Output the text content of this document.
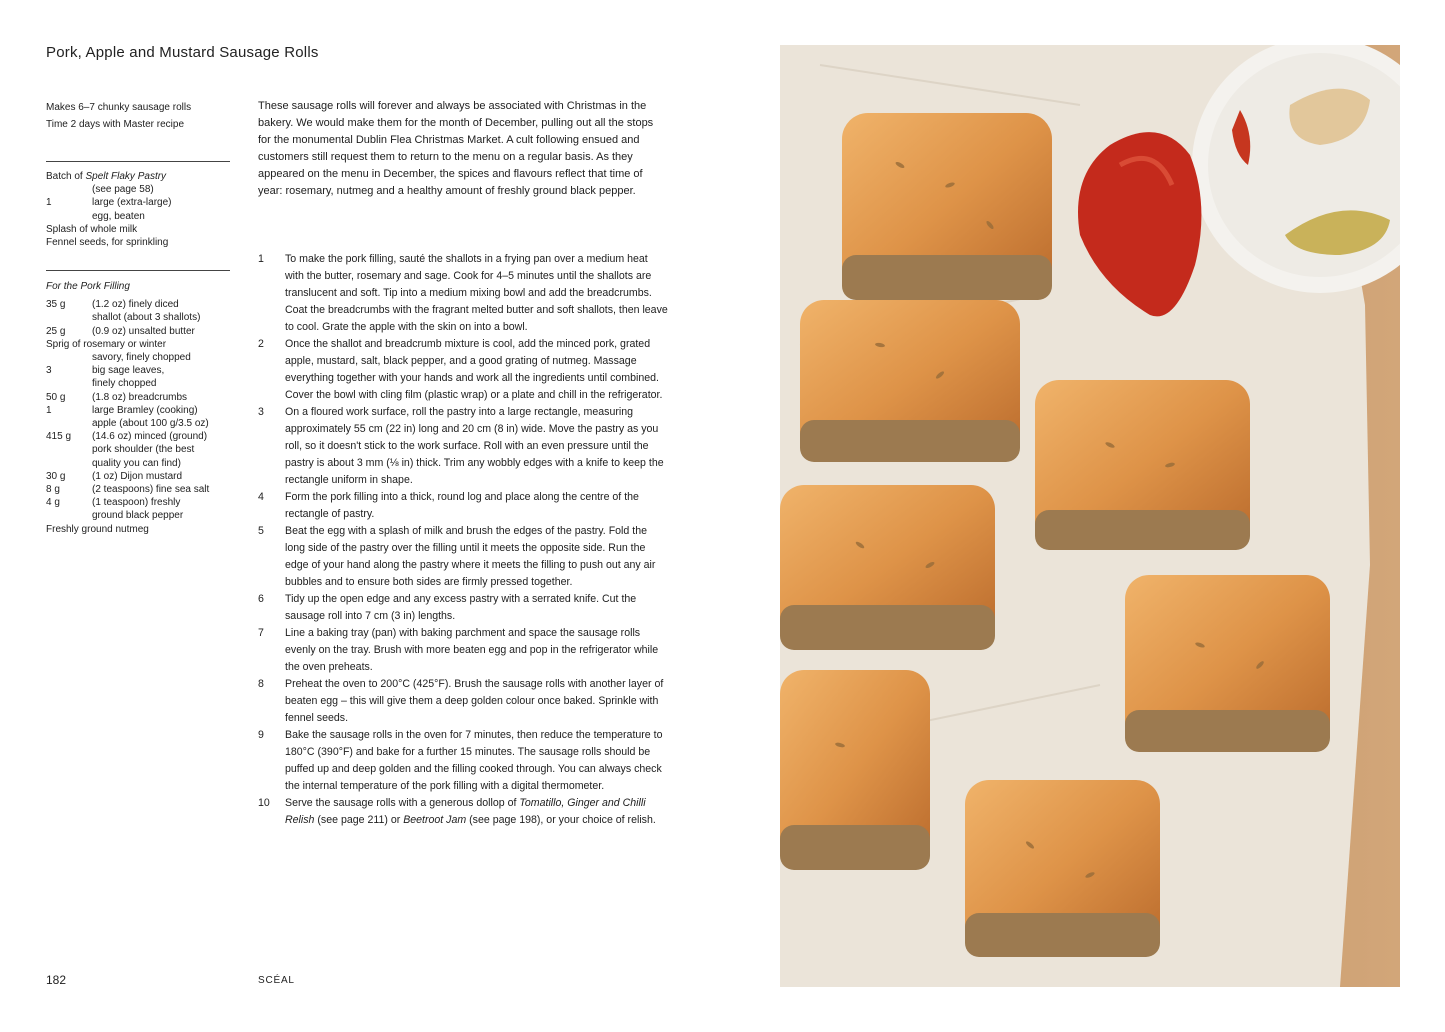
Pork, Apple and Mustard Sausage Rolls
Makes 6–7 chunky sausage rolls
Time 2 days with Master recipe
Batch of Spelt Flaky Pastry
(see page 58)
1	large (extra-large)
egg, beaten
Splash of whole milk
Fennel seeds, for sprinkling
For the Pork Filling
35 g	(1.2 oz) finely diced
shallot (about 3 shallots)
25 g	(0.9 oz) unsalted butter
Sprig of rosemary or winter
savory, finely chopped
3	big sage leaves,
finely chopped
50 g	(1.8 oz) breadcrumbs
1	large Bramley (cooking)
apple (about 100 g/3.5 oz)
415 g	(14.6 oz) minced (ground)
pork shoulder (the best
quality you can find)
30 g	(1 oz) Dijon mustard
8 g	(2 teaspoons) fine sea salt
4 g	(1 teaspoon) freshly
ground black pepper
Freshly ground nutmeg
These sausage rolls will forever and always be associated with Christmas in the bakery. We would make them for the month of December, pulling out all the stops for the monumental Dublin Flea Christmas Market. A cult following ensued and customers still request them to return to the menu on a regular basis. As they appeared on the menu in December, the spices and flavours reflect that time of year: rosemary, nutmeg and a healthy amount of freshly ground black pepper.
1	To make the pork filling, sauté the shallots in a frying pan over a medium heat with the butter, rosemary and sage. Cook for 4–5 minutes until the shallots are translucent and soft. Tip into a medium mixing bowl and add the breadcrumbs. Coat the breadcrumbs with the fragrant melted butter and soft shallots, then leave to cool. Grate the apple with the skin on into a bowl.
2	Once the shallot and breadcrumb mixture is cool, add the minced pork, grated apple, mustard, salt, black pepper, and a good grating of nutmeg. Massage everything together with your hands and work all the ingredients until combined. Cover the bowl with cling film (plastic wrap) or a plate and chill in the refrigerator.
3	On a floured work surface, roll the pastry into a large rectangle, measuring approximately 55 cm (22 in) long and 20 cm (8 in) wide. Move the pastry as you roll, so it doesn't stick to the work surface. Roll with an even pressure until the pastry is about 3 mm (⅛ in) thick. Trim any wobbly edges with a knife to keep the rectangle uniform in shape.
4	Form the pork filling into a thick, round log and place along the centre of the rectangle of pastry.
5	Beat the egg with a splash of milk and brush the edges of the pastry. Fold the long side of the pastry over the filling until it meets the opposite side. Run the edge of your hand along the pastry where it meets the filling to push out any air bubbles and to ensure both sides are firmly pressed together.
6	Tidy up the open edge and any excess pastry with a serrated knife. Cut the sausage roll into 7 cm (3 in) lengths.
7	Line a baking tray (pan) with baking parchment and space the sausage rolls evenly on the tray. Brush with more beaten egg and pop in the refrigerator while the oven preheats.
8	Preheat the oven to 200°C (425°F). Brush the sausage rolls with another layer of beaten egg – this will give them a deep golden colour once baked. Sprinkle with fennel seeds.
9	Bake the sausage rolls in the oven for 7 minutes, then reduce the temperature to 180°C (390°F) and bake for a further 15 minutes. The sausage rolls should be puffed up and deep golden and the filling cooked through. You can always check the internal temperature of the pork filling with a digital thermometer.
10	Serve the sausage rolls with a generous dollop of Tomatillo, Ginger and Chilli Relish (see page 211) or Beetroot Jam (see page 198), or your choice of relish.
182	SCÉAL
